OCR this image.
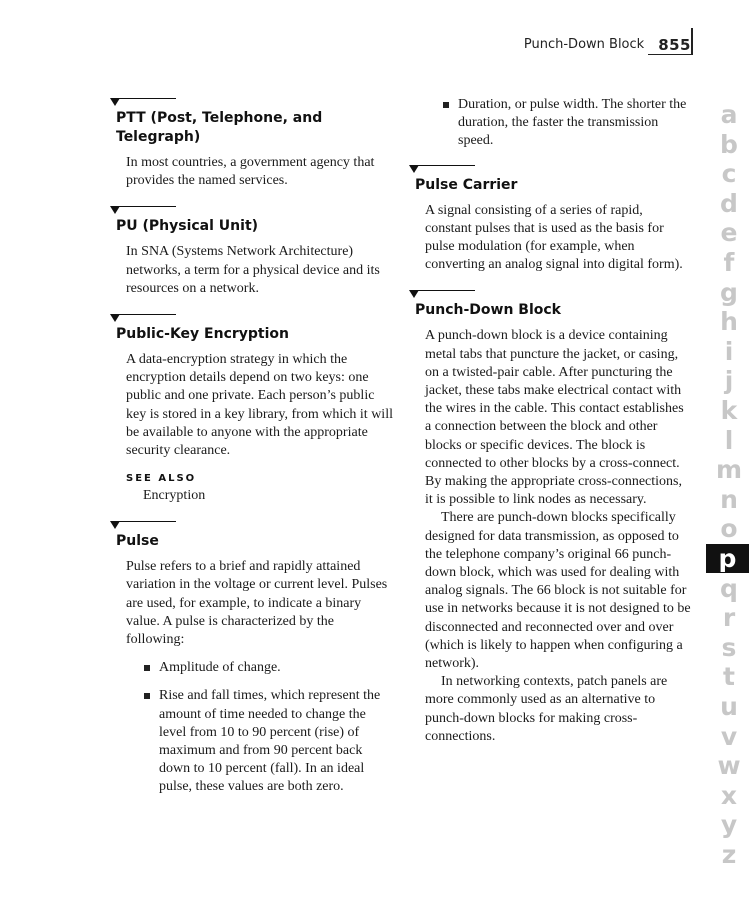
Punch-Down Block 855
PTT (Post, Telephone, and Telegraph)

In most countries, a government agency that provides the named services.

PU (Physical Unit)

In SNA (Systems Network Architecture) networks, a term for a physical device and its resources on a network.

Public-Key Encryption

A data-encryption strategy in which the encryption details depend on two keys: one public and one private. Each person’s public key is stored in a key library, from which it will be available to anyone with the appropriate security clearance.

SEE ALSO
Encryption
Pulse

Pulse refers to a brief and rapidly attained variation in the voltage or current level. Pulses are used, for example, to indicate a binary value. A pulse is characterized by the following:

Amplitude of change.
Rise and fall times, which represent the amount of time needed to change the level from 10 to 90 percent (rise) of maximum and from 90 percent back down to 10 percent (fall). In an ideal pulse, these values are both zero.
Duration, or pulse width. The shorter the duration, the faster the transmission speed.
Pulse Carrier

A signal consisting of a series of rapid, constant pulses that is used as the basis for pulse modulation (for example, when converting an analog signal into digital form).

Punch-Down Block

A punch-down block is a device containing metal tabs that puncture the jacket, or casing, on a twisted-pair cable. After puncturing the jacket, these tabs make electrical contact with the wires in the cable. This contact establishes a connection between the block and other blocks or specific devices. The block is connected to other blocks by a cross-connect. By making the appropriate cross-connections, it is possible to link nodes as necessary.

There are punch-down blocks specifically designed for data transmission, as opposed to the telephone company’s original 66 punch-down block, which was used for dealing with analog signals. The 66 block is not suitable for use in networks because it is not designed to be disconnected and reconnected over and over (which is likely to happen when configuring a network).

In networking contexts, patch panels are more commonly used as an alternative to punch-down blocks for making cross-connections.

a
b
c
d
e
f
g
h
i
j
k
l
m
n
o
p
q
r
s
t
u
v
w
x
y
z
